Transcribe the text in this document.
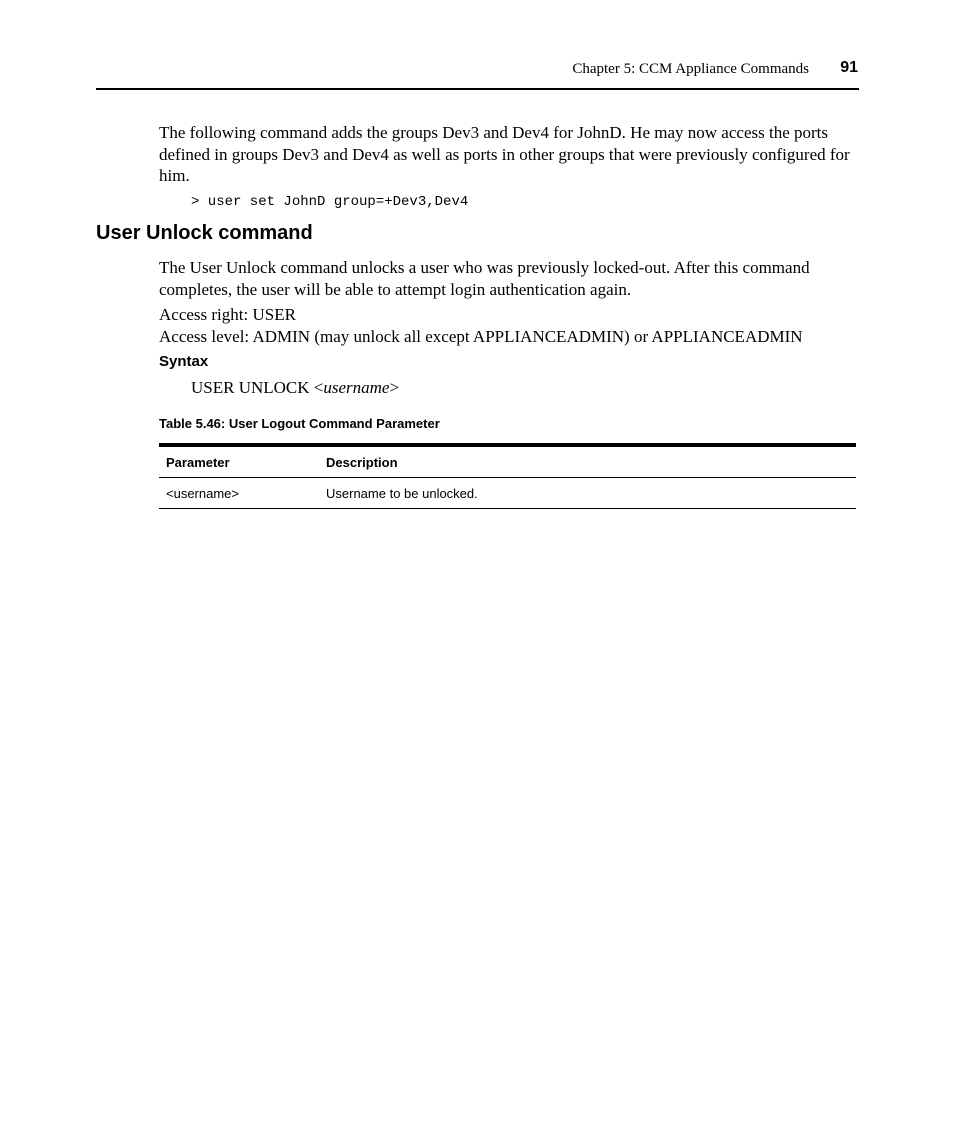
Chapter 5: CCM Appliance Commands 91
The following command adds the groups Dev3 and Dev4 for JohnD. He may now access the ports defined in groups Dev3 and Dev4 as well as ports in other groups that were previously configured for him.
> user set JohnD group=+Dev3,Dev4
User Unlock command
The User Unlock command unlocks a user who was previously locked-out. After this command completes, the user will be able to attempt login authentication again.
Access right: USER
Access level: ADMIN (may unlock all except APPLIANCEADMIN) or APPLIANCEADMIN
Syntax
USER UNLOCK <username>
Table 5.46: User Logout Command Parameter
Parameter	Description
<username>	Username to be unlocked.
